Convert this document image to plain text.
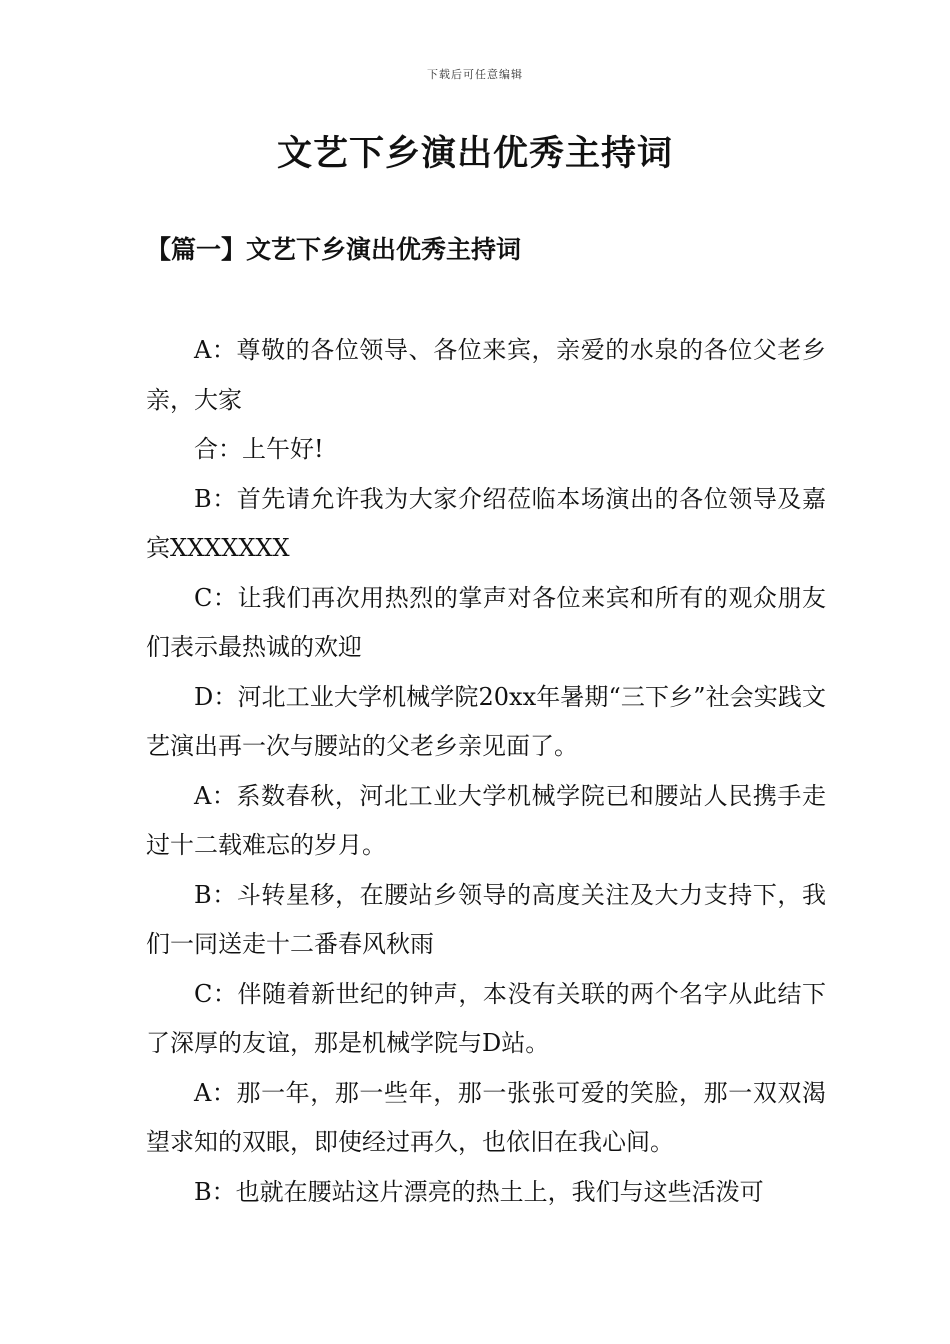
下载后可任意编辑
文艺下乡演出优秀主持词
【篇一】文艺下乡演出优秀主持词

A：尊敬的各位领导、各位来宾，亲爱的水泉的各位父老乡亲，大家

合：上午好!

B：首先请允许我为大家介绍莅临本场演出的各位领导及嘉宾XXXXXXX

C：让我们再次用热烈的掌声对各位来宾和所有的观众朋友们表示最热诚的欢迎

D：河北工业大学机械学院20xx年暑期“三下乡”社会实践文艺演出再一次与腰站的父老乡亲见面了。

A：系数春秋，河北工业大学机械学院已和腰站人民携手走过十二载难忘的岁月。

B：斗转星移，在腰站乡领导的高度关注及大力支持下，我们一同送走十二番春风秋雨

C：伴随着新世纪的钟声，本没有关联的两个名字从此结下了深厚的友谊，那是机械学院与D站。

A：那一年，那一些年，那一张张可爱的笑脸，那一双双渴望求知的双眼，即使经过再久，也依旧在我心间。

B：也就在腰站这片漂亮的热土上，我们与这些活泼可
